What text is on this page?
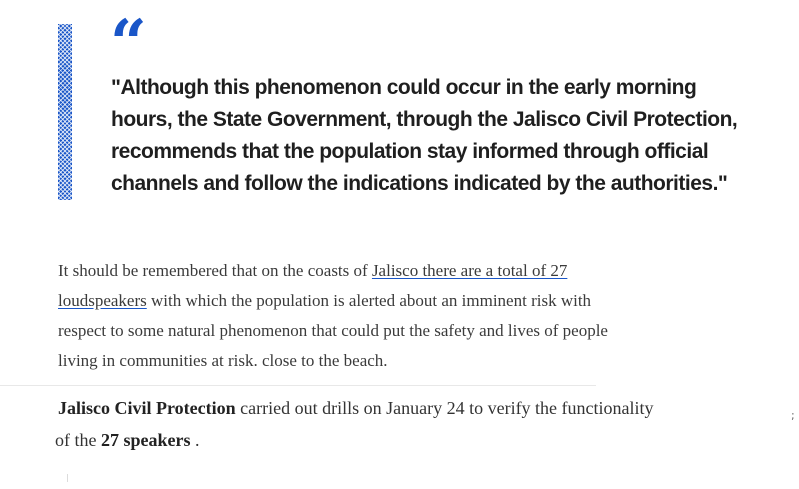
“

"Although this phenomenon could occur in the early morning
hours, the State Government, through the Jalisco Civil Protection,
recommends that the population stay informed through official
channels and follow the indications indicated by the authorities."

It should be remembered that on the coasts of Jalisco there are a total of 27
loudspeakers with which the population is alerted about an imminent risk with
respect to some natural phenomenon that could put the safety and lives of people
living in communities at risk. close to the beach.

Jalisco Civil Protection carried out drills on January 24 to verify the functionality
of the 27 speakers .

;
